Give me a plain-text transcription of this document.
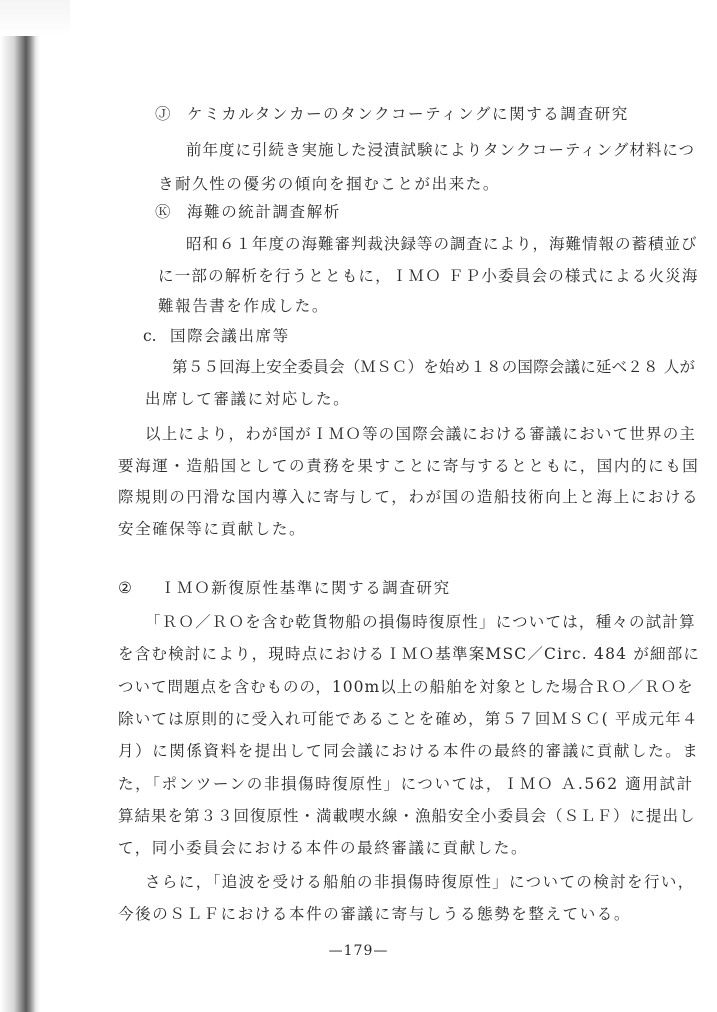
Ⓙ ケミカルタンカーのタンクコーティングに関する調査研究
前年度に引続き実施した浸漬試験によりタンクコーティング材料につ
き耐久性の優劣の傾向を掴むことが出来た。
Ⓚ 海難の統計調査解析
昭和６１年度の海難審判裁決録等の調査により，海難情報の蓄積並び
に一部の解析を行うとともに，ＩＭＯ ＦＰ小委員会の様式による火災海
難報告書を作成した。
c. 国際会議出席等
第５５回海上安全委員会（ＭＳＣ）を始め１８の国際会議に延べ２８ 人が
出席して審議に対応した。
以上により，わが国がＩＭＯ等の国際会議における審議において世界の主
要海運・造船国としての責務を果すことに寄与するとともに，国内的にも国
際規則の円滑な国内導入に寄与して，わが国の造船技術向上と海上における
安全確保等に貢献した。
② ＩＭＯ新復原性基準に関する調査研究
「ＲＯ／ＲＯを含む乾貨物船の損傷時復原性」については，種々の試計算
を含む検討により，現時点におけるＩＭＯ基準案MSC／Circ. 484 が細部に
ついて問題点を含むものの，100m以上の船舶を対象とした場合ＲＯ／ＲＯを
除いては原則的に受入れ可能であることを確め，第５７回ＭＳＣ( 平成元年４
月）に関係資料を提出して同会議における本件の最終的審議に貢献した。ま
た，「ポンツーンの非損傷時復原性」については，ＩＭＯ Ａ.562 適用試計
算結果を第３３回復原性・満載喫水線・漁船安全小委員会（ＳＬＦ）に提出し
て，同小委員会における本件の最終審議に貢献した。
さらに，「追波を受ける船舶の非損傷時復原性」についての検討を行い，
今後のＳＬＦにおける本件の審議に寄与しうる態勢を整えている。
—179—
